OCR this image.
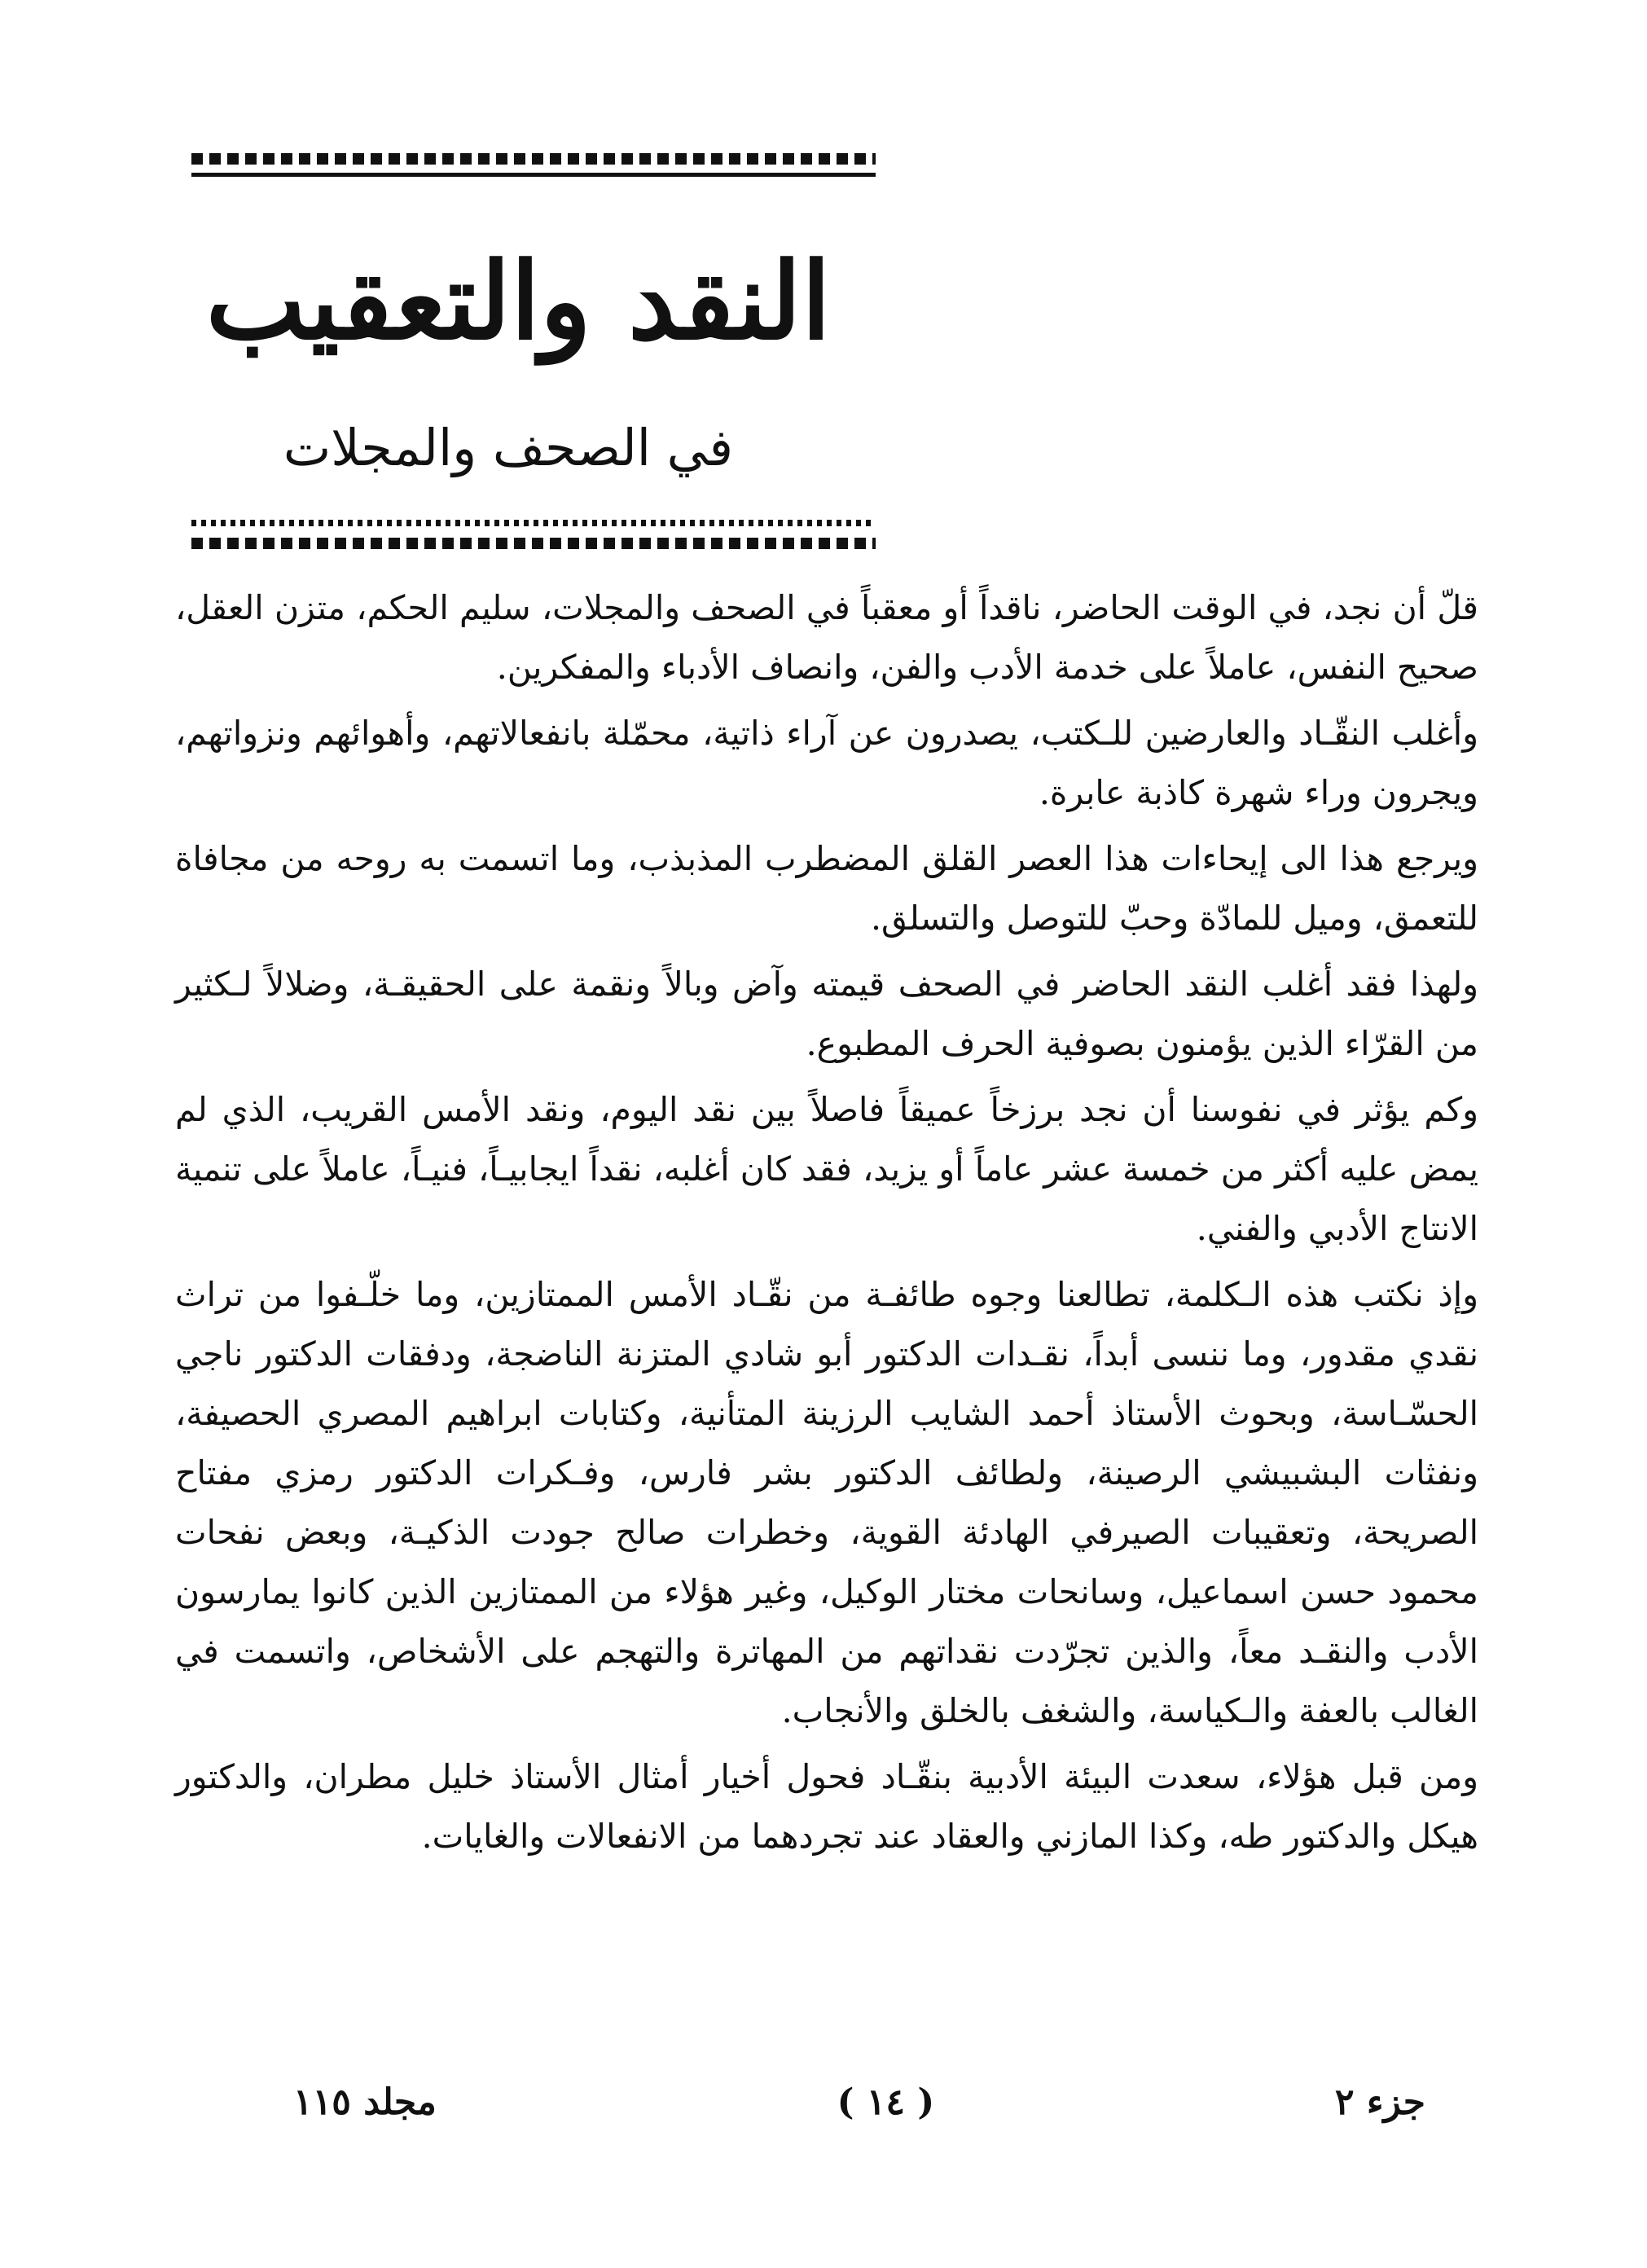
النقد والتعقيب
في الصحف والمجلات

قلّ أن نجد، في الوقت الحاضر، ناقداً أو معقباً في الصحف والمجلات، سليم الحكم، متزن العقل، صحيح النفس، عاملاً على خدمة الأدب والفن، وانصاف الأدباء والمفكرين.

وأغلب النقّـاد والعارضين للـكتب، يصدرون عن آراء ذاتية، محمّلة بانفعالاتهم، وأهوائهم ونزواتهم، ويجرون وراء شهرة كاذبة عابرة.

ويرجع هذا الى إيحاءات هذا العصر القلق المضطرب المذبذب، وما اتسمت به روحه من مجافاة للتعمق، وميل للمادّة وحبّ للتوصل والتسلق.

ولهذا فقد أغلب النقد الحاضر في الصحف قيمته وآض وبالاً ونقمة على الحقيقـة، وضلالاً لـكثير من القرّاء الذين يؤمنون بصوفية الحرف المطبوع.

وكم يؤثر في نفوسنا أن نجد برزخاً عميقاً فاصلاً بين نقد اليوم، ونقد الأمس القريب، الذي لم يمض عليه أكثر من خمسة عشر عاماً أو يزيد، فقد كان أغلبه، نقداً ايجابيـاً، فنيـاً، عاملاً على تنمية الانتاج الأدبي والفني.

وإذ نكتب هذه الـكلمة، تطالعنا وجوه طائفـة من نقّـاد الأمس الممتازين، وما خلّـفوا من تراث نقدي مقدور، وما ننسى أبداً، نقـدات الدكتور أبو شادي المتزنة الناضجة، ودفقات الدكتور ناجي الحسّـاسة، وبحوث الأستاذ أحمد الشايب الرزينة المتأنية، وكتابات ابراهيم المصري الحصيفة، ونفثات البشبيشي الرصينة، ولطائف الدكتور بشر فارس، وفـكرات الدكتور رمزي مفتاح الصريحة، وتعقيبات الصيرفي الهادئة القوية، وخطرات صالح جودت الذكيـة، وبعض نفحات محمود حسن اسماعيل، وسانحات مختار الوكيل، وغير هؤلاء من الممتازين الذين كانوا يمارسون الأدب والنقـد معاً، والذين تجرّدت نقداتهم من المهاترة والتهجم على الأشخاص، واتسمت في الغالب بالعفة والـكياسة، والشغف بالخلق والأنجاب.

ومن قبل هؤلاء، سعدت البيئة الأدبية بنقّـاد فحول أخيار أمثال الأستاذ خليل مطران، والدكتور هيكل والدكتور طه، وكذا المازني والعقاد عند تجردهما من الانفعالات والغايات.

مجلد ١١٥	( ١٤ )	جزء ٢
